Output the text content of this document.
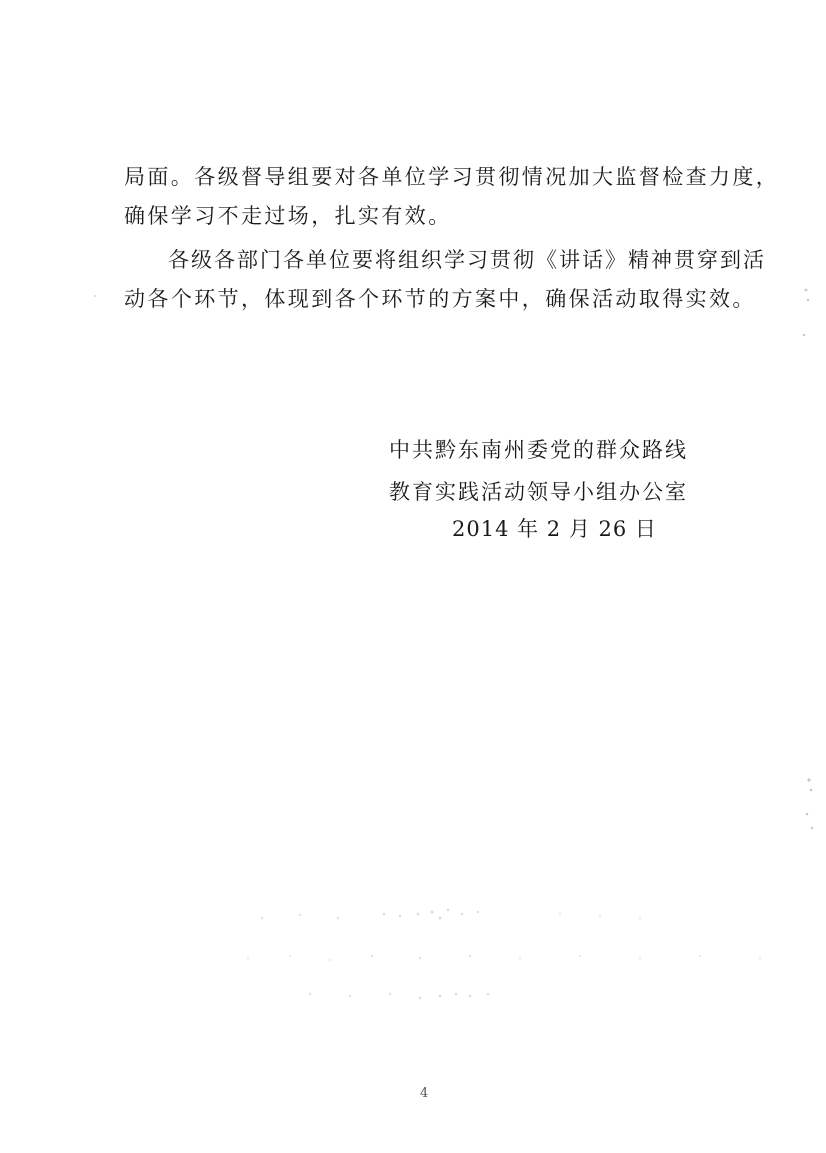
局面。各级督导组要对各单位学习贯彻情况加大监督检查力度，
确保学习不走过场，扎实有效。
各级各部门各单位要将组织学习贯彻《讲话》精神贯穿到活
动各个环节，体现到各个环节的方案中，确保活动取得实效。
中共黔东南州委党的群众路线
教育实践活动领导小组办公室
2014 年 2 月 26 日
4
